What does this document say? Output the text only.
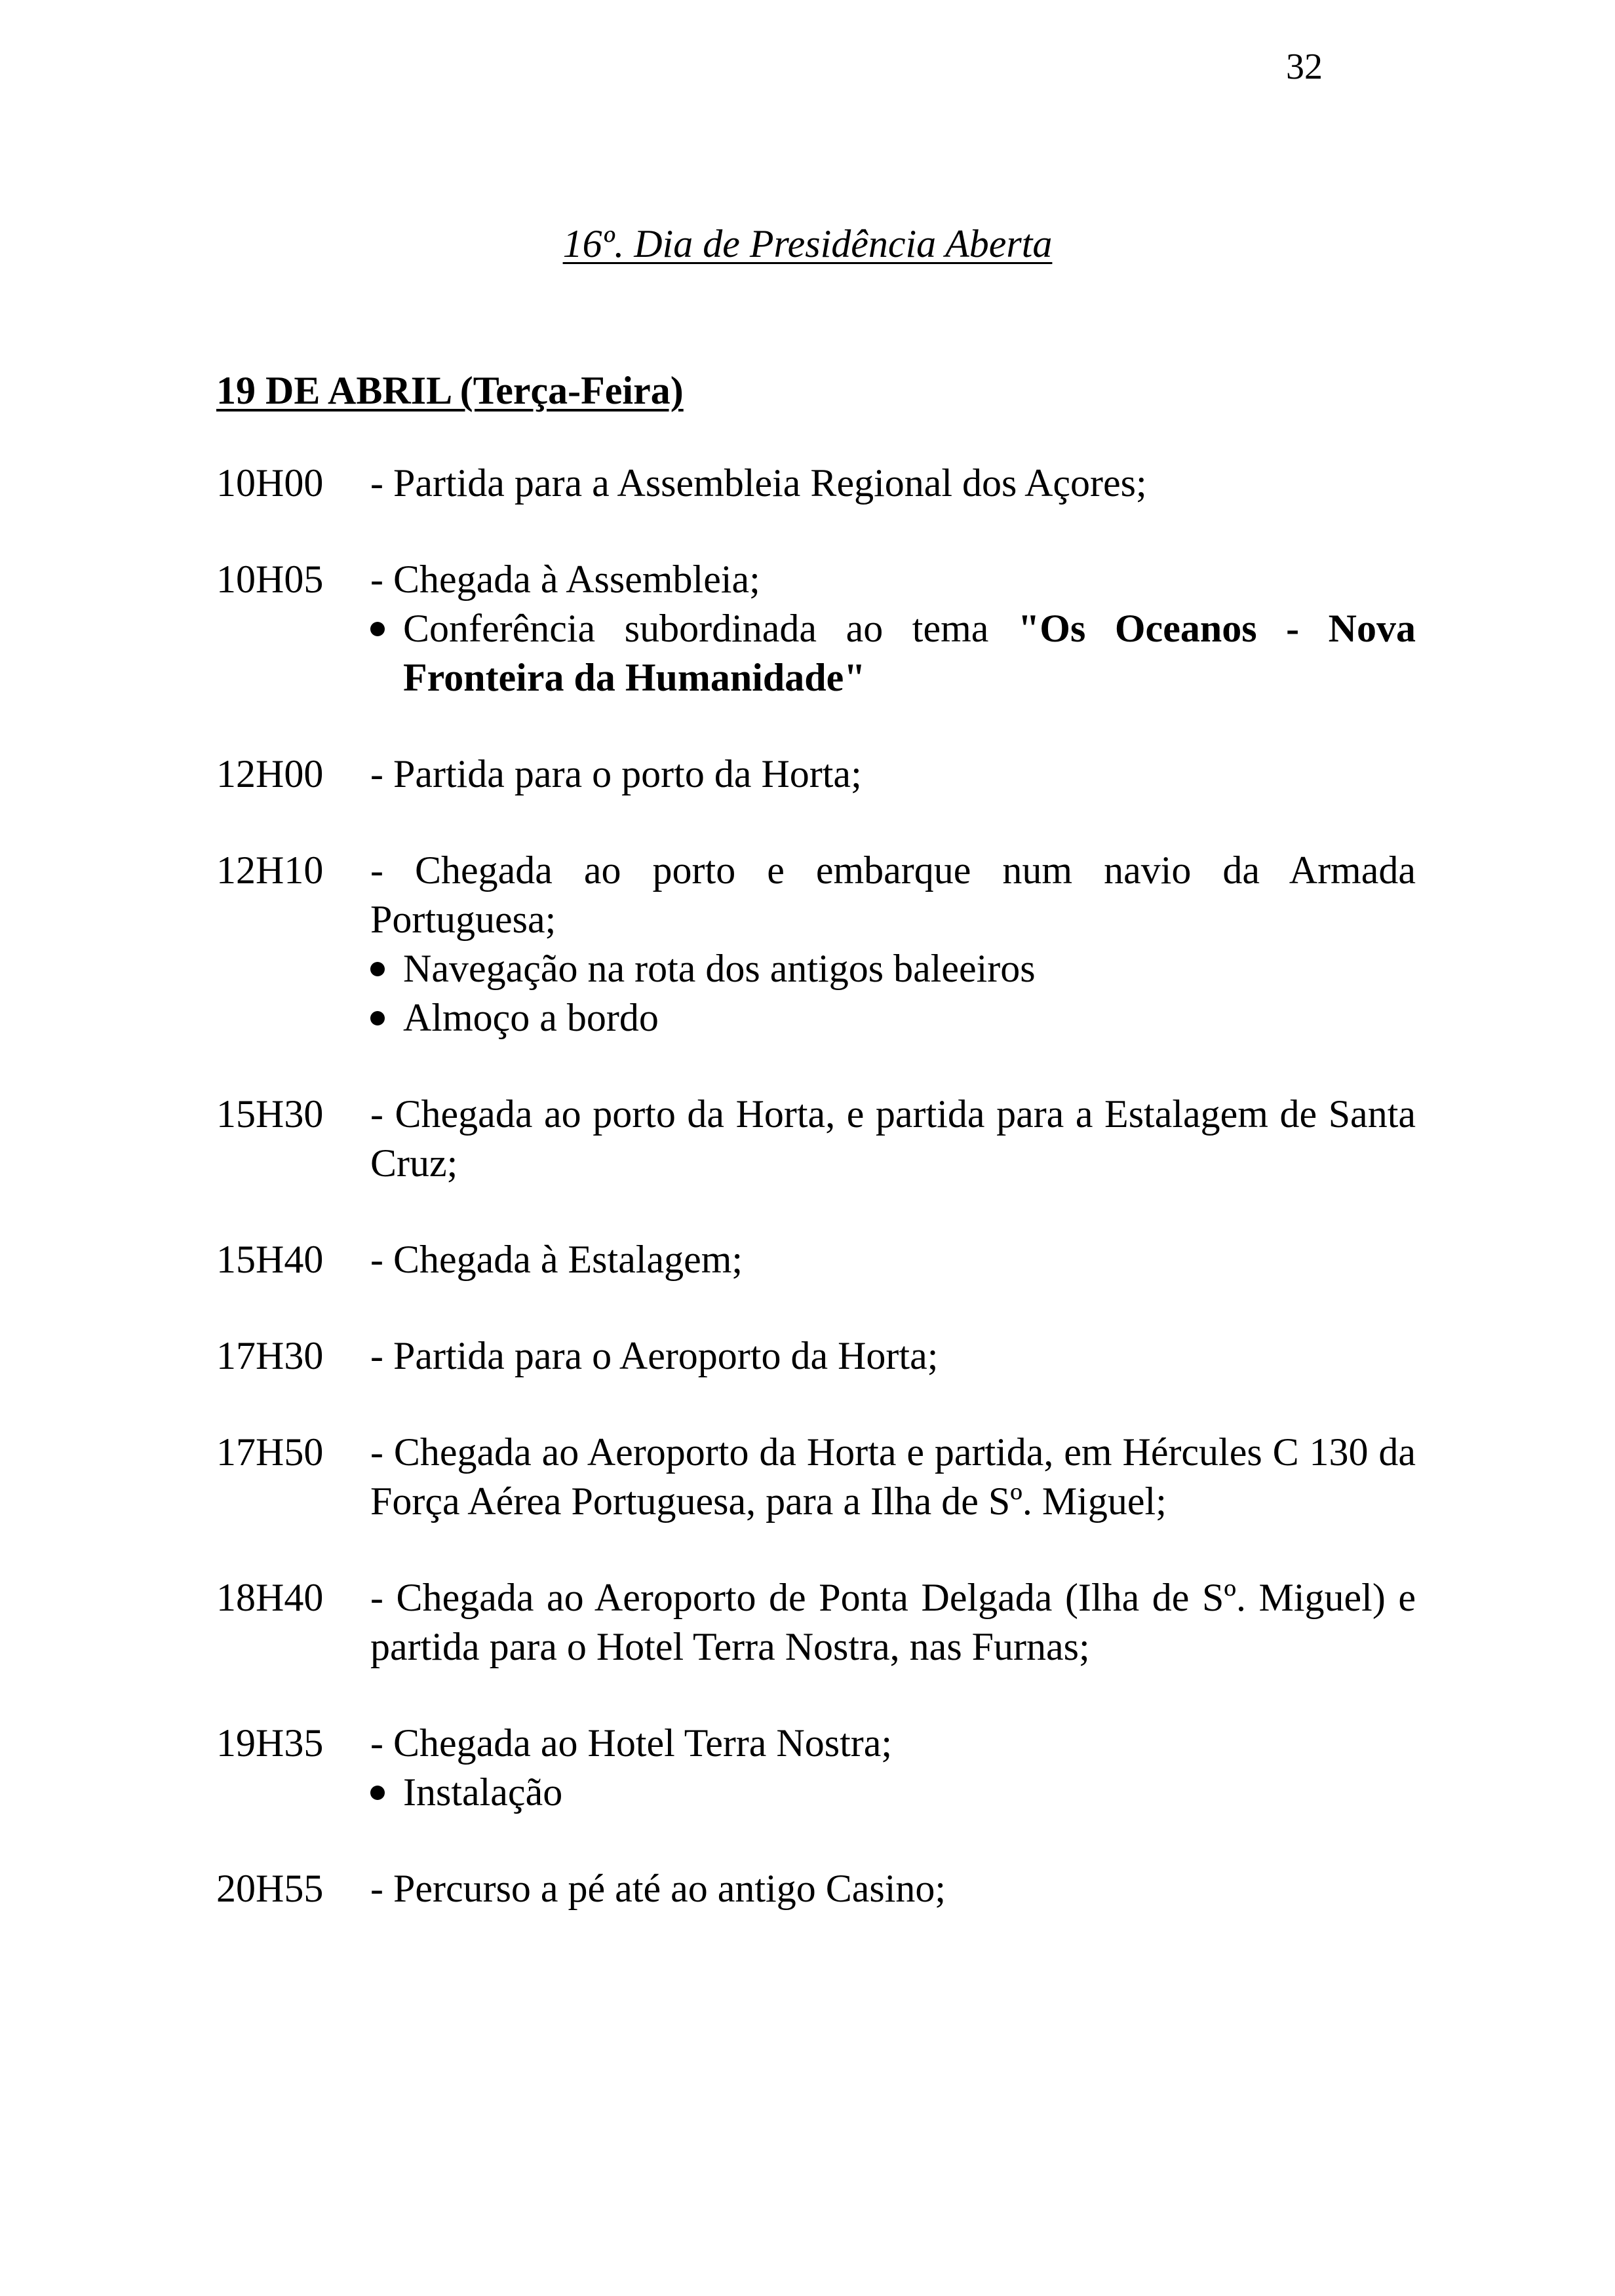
32
16º. Dia de Presidência Aberta
19 DE ABRIL (Terça-Feira)
10H00 - Partida para a Assembleia Regional dos Açores;
10H05 - Chegada à Assembleia;
Conferência subordinada ao tema "Os Oceanos - Nova Fronteira da Humanidade"
12H00 - Partida para o porto da Horta;
12H10 - Chegada ao porto e embarque num navio da Armada Portuguesa;
Navegação na rota dos antigos baleeiros
Almoço a bordo
15H30 - Chegada ao porto da Horta, e partida para a Estalagem de Santa Cruz;
15H40 - Chegada à Estalagem;
17H30 - Partida para o Aeroporto da Horta;
17H50 - Chegada ao Aeroporto da Horta e partida, em Hércules C 130 da Força Aérea Portuguesa, para a Ilha de Sº. Miguel;
18H40 - Chegada ao Aeroporto de Ponta Delgada (Ilha de Sº. Miguel) e partida para o Hotel Terra Nostra, nas Furnas;
19H35 - Chegada ao Hotel Terra Nostra;
Instalação
20H55 - Percurso a pé até ao antigo Casino;
